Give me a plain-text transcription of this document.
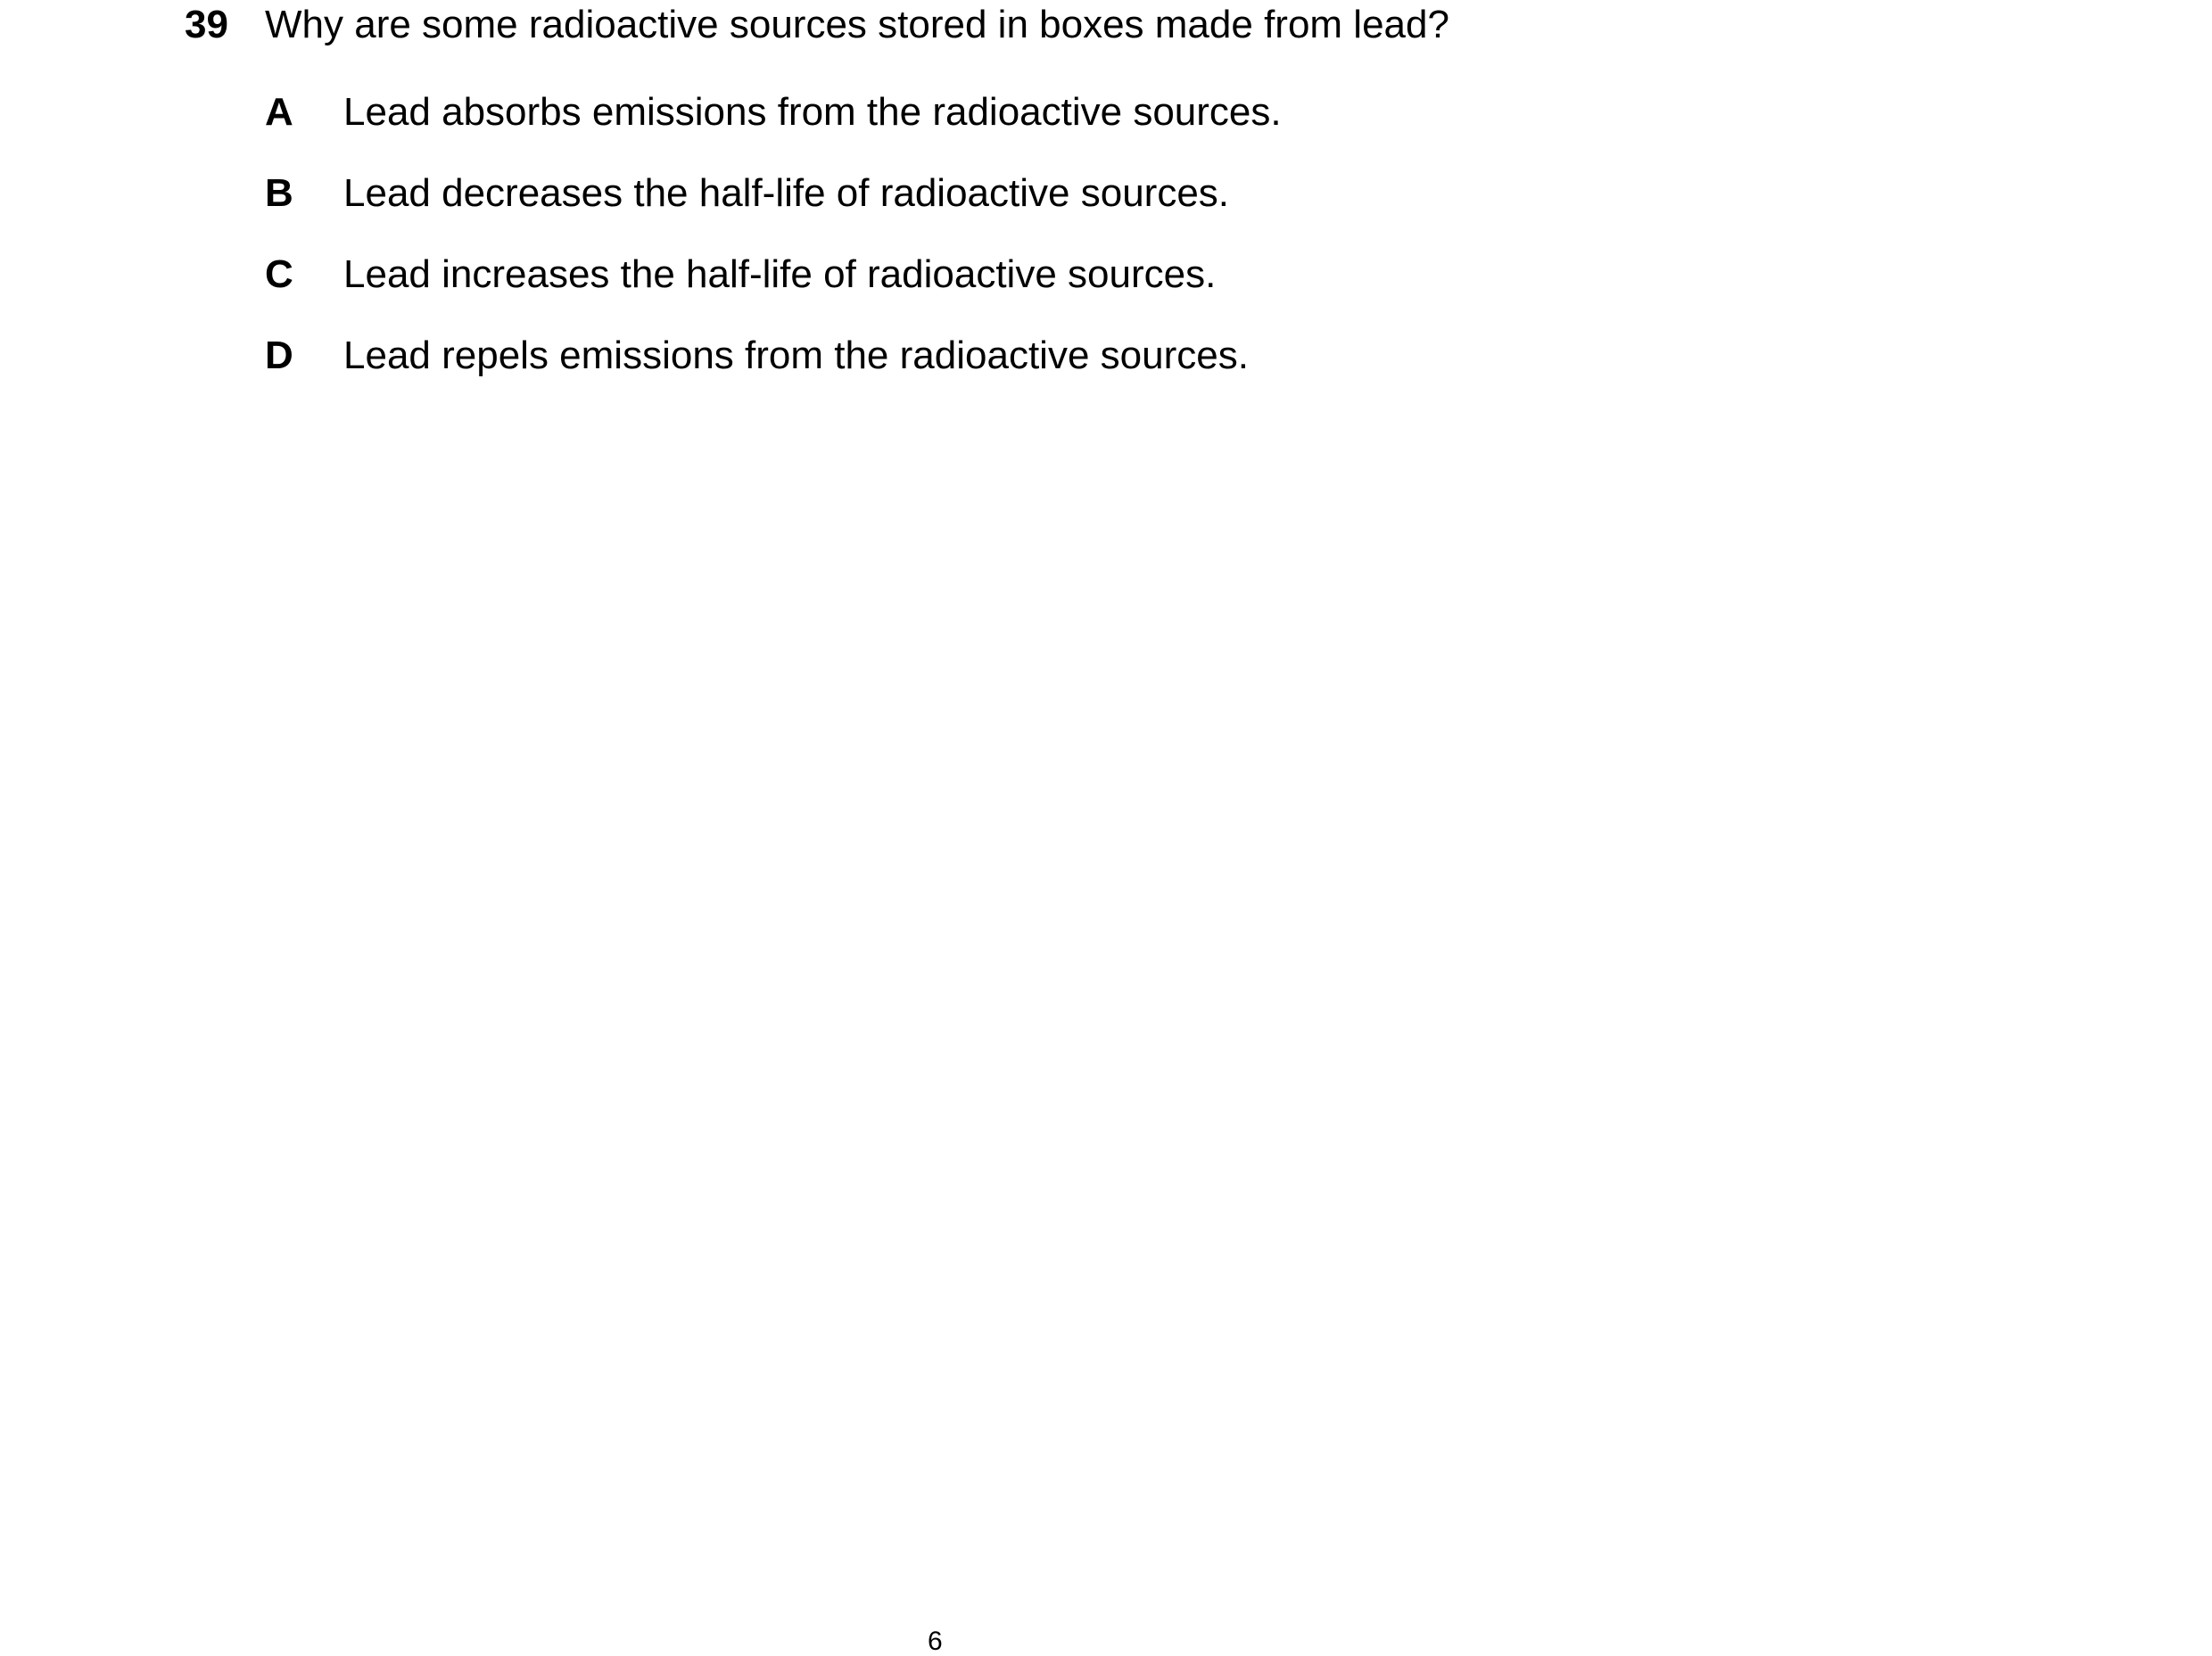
39 Why are some radioactive sources stored in boxes made from lead?
A	Lead absorbs emissions from the radioactive sources.
B	Lead decreases the half-life of radioactive sources.
C	Lead increases the half-life of radioactive sources.
D	Lead repels emissions from the radioactive sources.
6
